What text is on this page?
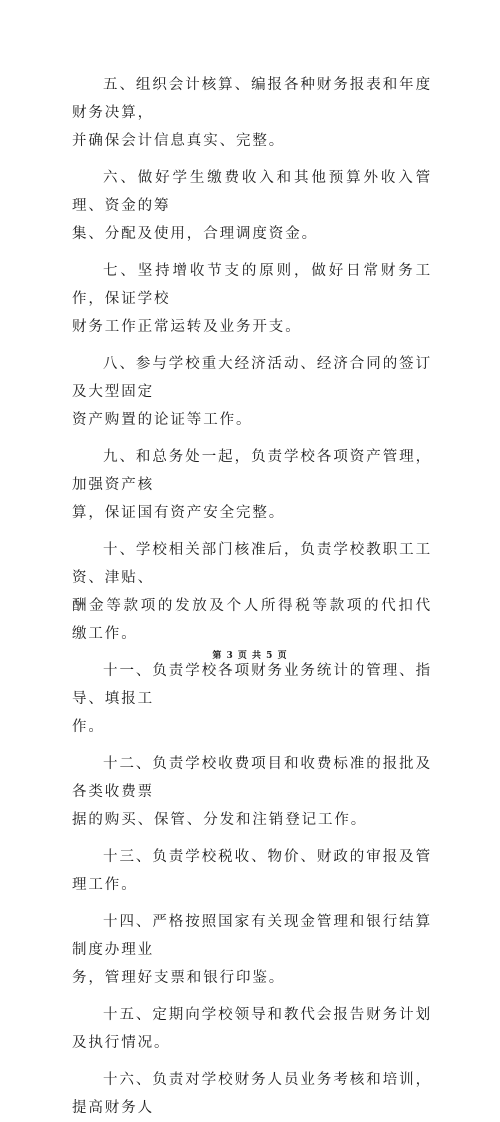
五、组织会计核算、编报各种财务报表和年度财务决算，
并确保会计信息真实、完整。
六、做好学生缴费收入和其他预算外收入管理、资金的筹
集、分配及使用，合理调度资金。
七、坚持增收节支的原则，做好日常财务工作，保证学校
财务工作正常运转及业务开支。
八、参与学校重大经济活动、经济合同的签订及大型固定
资产购置的论证等工作。
九、和总务处一起，负责学校各项资产管理，加强资产核
算，保证国有资产安全完整。
十、学校相关部门核准后，负责学校教职工工资、津贴、
酬金等款项的发放及个人所得税等款项的代扣代缴工作。
十一、负责学校各项财务业务统计的管理、指导、填报工
作。
十二、负责学校收费项目和收费标准的报批及各类收费票
据的购买、保管、分发和注销登记工作。
十三、负责学校税收、物价、财政的审报及管理工作。
十四、严格按照国家有关现金管理和银行结算制度办理业
务，管理好支票和银行印鉴。
十五、定期向学校领导和教代会报告财务计划及执行情况。
十六、负责对学校财务人员业务考核和培训，提高财务人
第 3 页 共 5 页
